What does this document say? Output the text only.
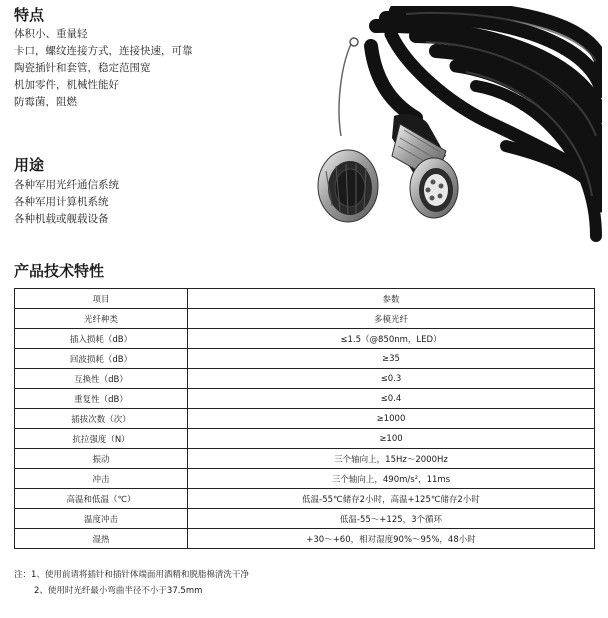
特点
体积小、重量轻
卡口，螺纹连接方式，连接快速，可靠
陶瓷插针和套管，稳定范围宽
机加零件，机械性能好
防霉菌，阻燃
用途
各种军用光纤通信系统
各种军用计算机系统
各种机载或舰载设备
产品技术特性
项目	参数
光纤种类	多模光纤
插入损耗（dB）	≤1.5（@850nm，LED）
回波损耗（dB）	≥35
互换性（dB）	≤0.3
重复性（dB）	≤0.4
插拔次数（次）	≥1000
抗拉强度（N）	≥100
振动	三个轴向上，15Hz～2000Hz
冲击	三个轴向上，490m/s²，11ms
高温和低温（℃）	低温-55℃储存2小时，高温+125℃储存2小时
温度冲击	低温-55～+125，3个循环
湿热	+30～+60，相对湿度90%～95%，48小时
注：1、使用前请将插针和插针体端面用酒精和脱脂棉清洗干净
2、使用时光纤最小弯曲半径不小于37.5mm
